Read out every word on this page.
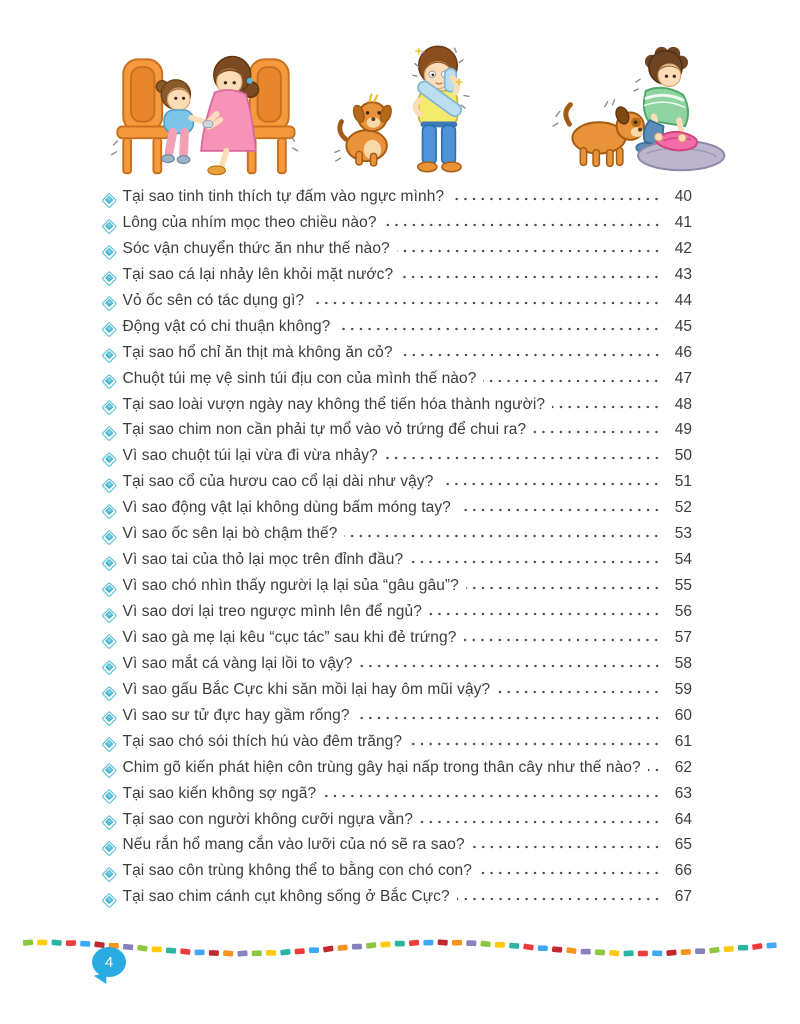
Tại sao tinh tinh thích tự đấm vào ngực mình?	40
Lông của nhím mọc theo chiều nào?	41
Sóc vận chuyển thức ăn như thế nào?	42
Tại sao cá lại nhảy lên khỏi mặt nước?	43
Vỏ ốc sên có tác dụng gì?	44
Động vật có chi thuận không?	45
Tại sao hổ chỉ ăn thịt mà không ăn cỏ?	46
Chuột túi mẹ vệ sinh túi địu con của mình thế nào?	47
Tại sao loài vượn ngày nay không thể tiến hóa thành người?	48
Tại sao chim non cần phải tự mổ vào vỏ trứng để chui ra?	49
Vì sao chuột túi lại vừa đi vừa nhảy?	50
Tại sao cổ của hươu cao cổ lại dài như vậy?	51
Vì sao động vật lại không dùng bấm móng tay?	52
Vì sao ốc sên lại bò chậm thế?	53
Vì sao tai của thỏ lại mọc trên đỉnh đầu?	54
Vì sao chó nhìn thấy người lạ lại sủa “gâu gâu”?	55
Vì sao dơi lại treo ngược mình lên để ngủ?	56
Vì sao gà mẹ lại kêu “cục tác” sau khi đẻ trứng?	57
Vì sao mắt cá vàng lại lồi to vậy?	58
Vì sao gấu Bắc Cực khi săn mồi lại hay ôm mũi vậy?	59
Vì sao sư tử đực hay gầm rống?	60
Tại sao chó sói thích hú vào đêm trăng?	61
Chim gõ kiến phát hiện côn trùng gây hại nấp trong thân cây như thế nào?	62
Tại sao kiến không sợ ngã?	63
Tại sao con người không cưỡi ngựa vằn?	64
Nếu rắn hổ mang cắn vào lưỡi của nó sẽ ra sao?	65
Tại sao côn trùng không thể to bằng con chó con?	66
Tại sao chim cánh cụt không sống ở Bắc Cực?	67
4
